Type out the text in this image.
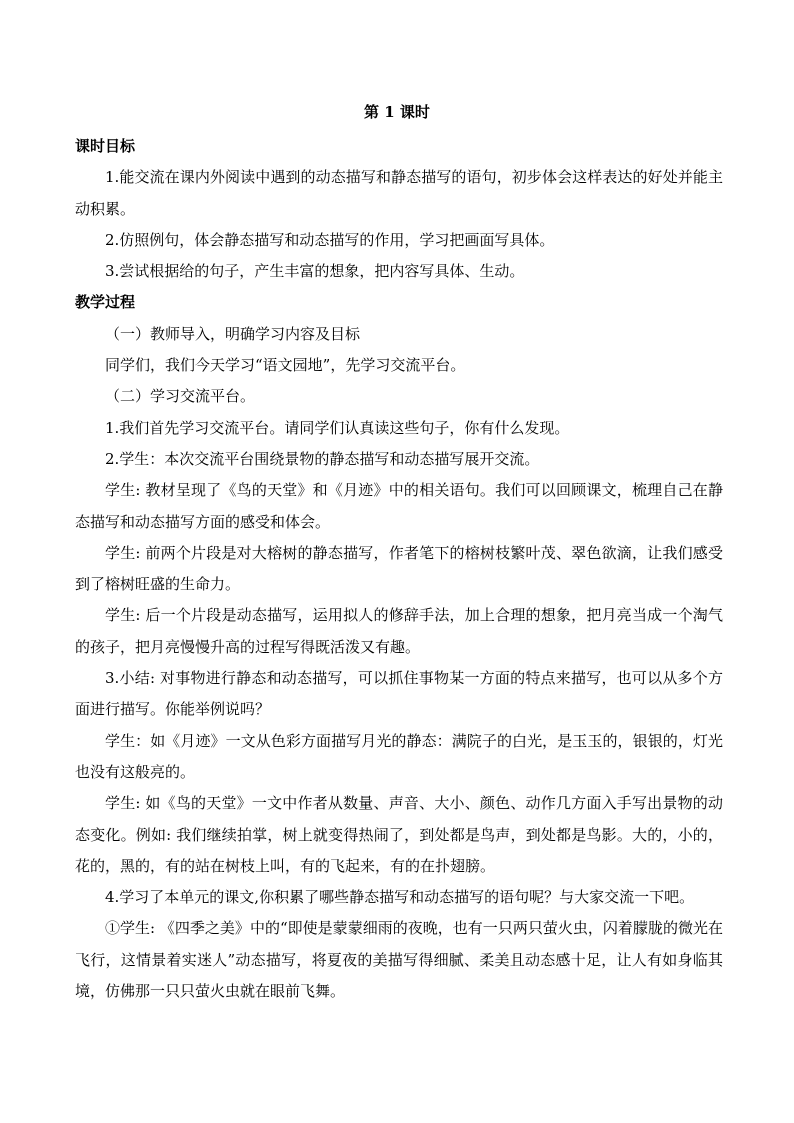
第 1 课时

课时目标

1.能交流在课内外阅读中遇到的动态描写和静态描写的语句，初步体会这样表达的好处并能主动积累。

2.仿照例句，体会静态描写和动态描写的作用，学习把画面写具体。

3.尝试根据给的句子，产生丰富的想象，把内容写具体、生动。

教学过程

（一）教师导入，明确学习内容及目标

同学们，我们今天学习“语文园地”，先学习交流平台。

（二）学习交流平台。

1.我们首先学习交流平台。请同学们认真读这些句子，你有什么发现。

2.学生：本次交流平台围绕景物的静态描写和动态描写展开交流。

学生: 教材呈现了《鸟的天堂》和《月迹》中的相关语句。我们可以回顾课文，梳理自己在静态描写和动态描写方面的感受和体会。

学生: 前两个片段是对大榕树的静态描写，作者笔下的榕树枝繁叶茂、翠色欲滴，让我们感受到了榕树旺盛的生命力。

学生: 后一个片段是动态描写，运用拟人的修辞手法，加上合理的想象，把月亮当成一个淘气的孩子，把月亮慢慢升高的过程写得既活泼又有趣。

3.小结: 对事物进行静态和动态描写，可以抓住事物某一方面的特点来描写，也可以从多个方面进行描写。你能举例说吗？

学生：如《月迹》一文从色彩方面描写月光的静态：满院子的白光，是玉玉的，银银的，灯光也没有这般亮的。

学生: 如《鸟的天堂》一文中作者从数量、声音、大小、颜色、动作几方面入手写出景物的动态变化。例如: 我们继续拍掌，树上就变得热闹了，到处都是鸟声，到处都是鸟影。大的，小的，花的，黑的，有的站在树枝上叫，有的飞起来，有的在扑翅膀。

4.学习了本单元的课文,你积累了哪些静态描写和动态描写的语句呢？与大家交流一下吧。

①学生: 《四季之美》中的“即使是蒙蒙细雨的夜晚，也有一只两只萤火虫，闪着朦胧的微光在飞行，这情景着实迷人”动态描写，将夏夜的美描写得细腻、柔美且动态感十足，让人有如身临其境，仿佛那一只只萤火虫就在眼前飞舞。
